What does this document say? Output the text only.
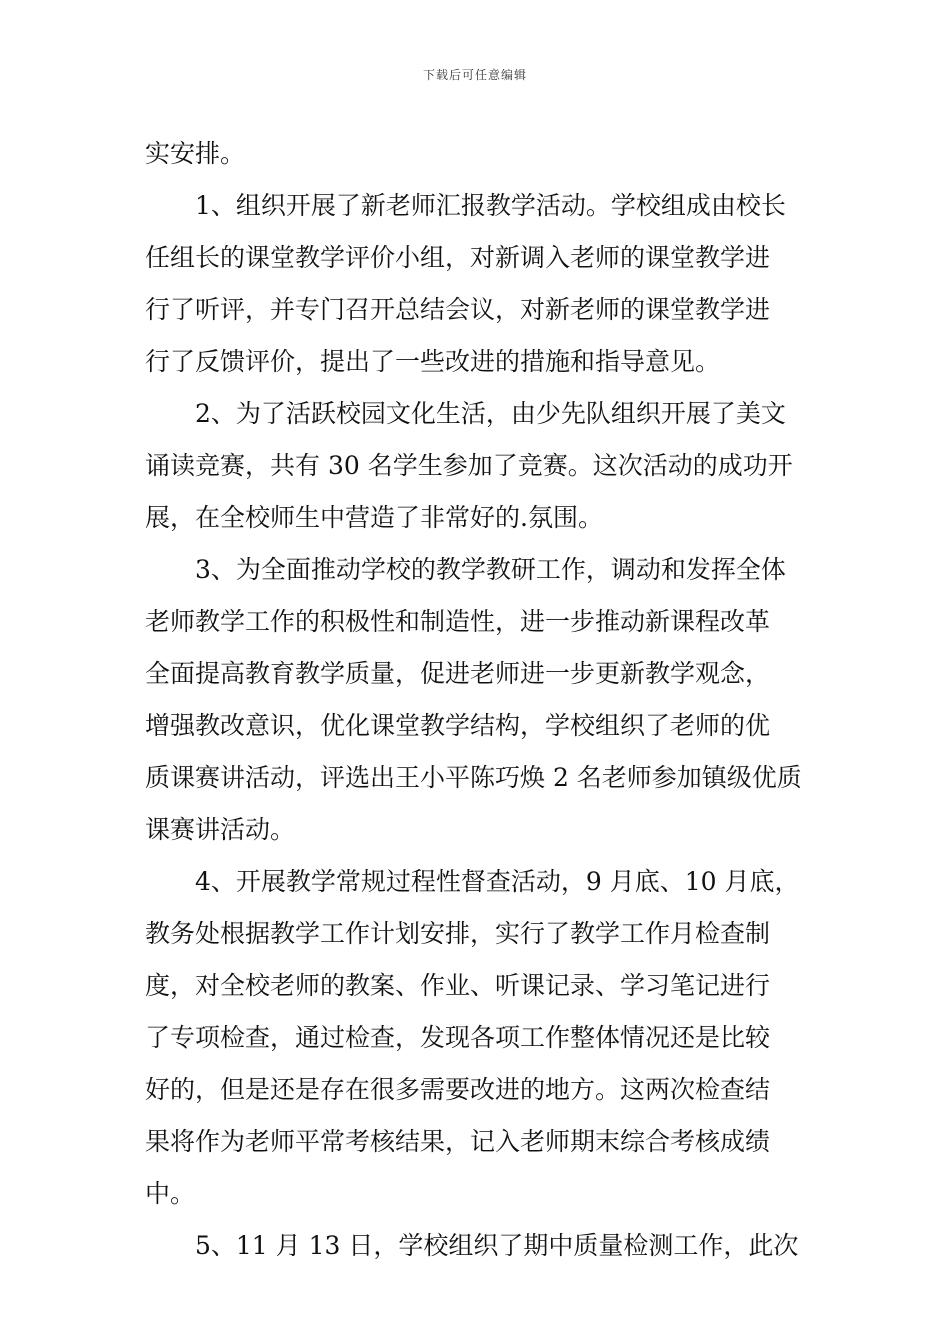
下载后可任意编辑
实安排。
1、组织开展了新老师汇报教学活动。学校组成由校长
任组长的课堂教学评价小组，对新调入老师的课堂教学进
行了听评，并专门召开总结会议，对新老师的课堂教学进
行了反馈评价，提出了一些改进的措施和指导意见。
2、为了活跃校园文化生活，由少先队组织开展了美文
诵读竞赛，共有 30 名学生参加了竞赛。这次活动的成功开
展，在全校师生中营造了非常好的.氛围。
3、为全面推动学校的教学教研工作，调动和发挥全体
老师教学工作的积极性和制造性，进一步推动新课程改革
全面提高教育教学质量，促进老师进一步更新教学观念，
增强教改意识，优化课堂教学结构，学校组织了老师的优
质课赛讲活动，评选出王小平陈巧焕 2 名老师参加镇级优质
课赛讲活动。
4、开展教学常规过程性督查活动，9 月底、10 月底，
教务处根据教学工作计划安排，实行了教学工作月检查制
度，对全校老师的教案、作业、听课记录、学习笔记进行
了专项检查，通过检查，发现各项工作整体情况还是比较
好的，但是还是存在很多需要改进的地方。这两次检查结
果将作为老师平常考核结果，记入老师期末综合考核成绩
中。
5、11 月 13 日，学校组织了期中质量检测工作，此次
